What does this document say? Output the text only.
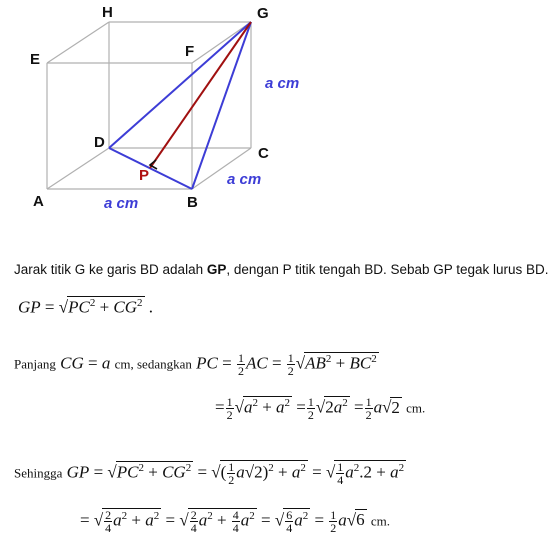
H	G
E	F
D
C
P
A	B
a cm
a cm
a cm
Jarak titik G ke garis BD adalah GP, dengan P titik tengah BD. Sebab GP tegak lurus BD.
GP = $√PC^2 + CG^2$ .
Panjang CG = a cm, sedangkan PC = $\frac{1}{2}$ AC = $\frac{1}{2} √AB^2 + BC^2$
= $\frac{1}{2} √a^2 + a^2 = \frac{1}{2} √2a^2 = \frac{1}{2} a√2$ cm.
Sehingga GP = $√PC^2 + CG^2$ = √( $\frac{1}{2} a√2)^2 + a^2$ = √ $\frac{1}{4} a^2.2 + a^2$
= √ $\frac{2}{4} a^2 + a^2$ = √ $\frac{2}{4} a^2 + \frac{4}{4} a^2$ = √ $\frac{6}{4} a^2 = \frac{1}{2} a√6$ cm.
